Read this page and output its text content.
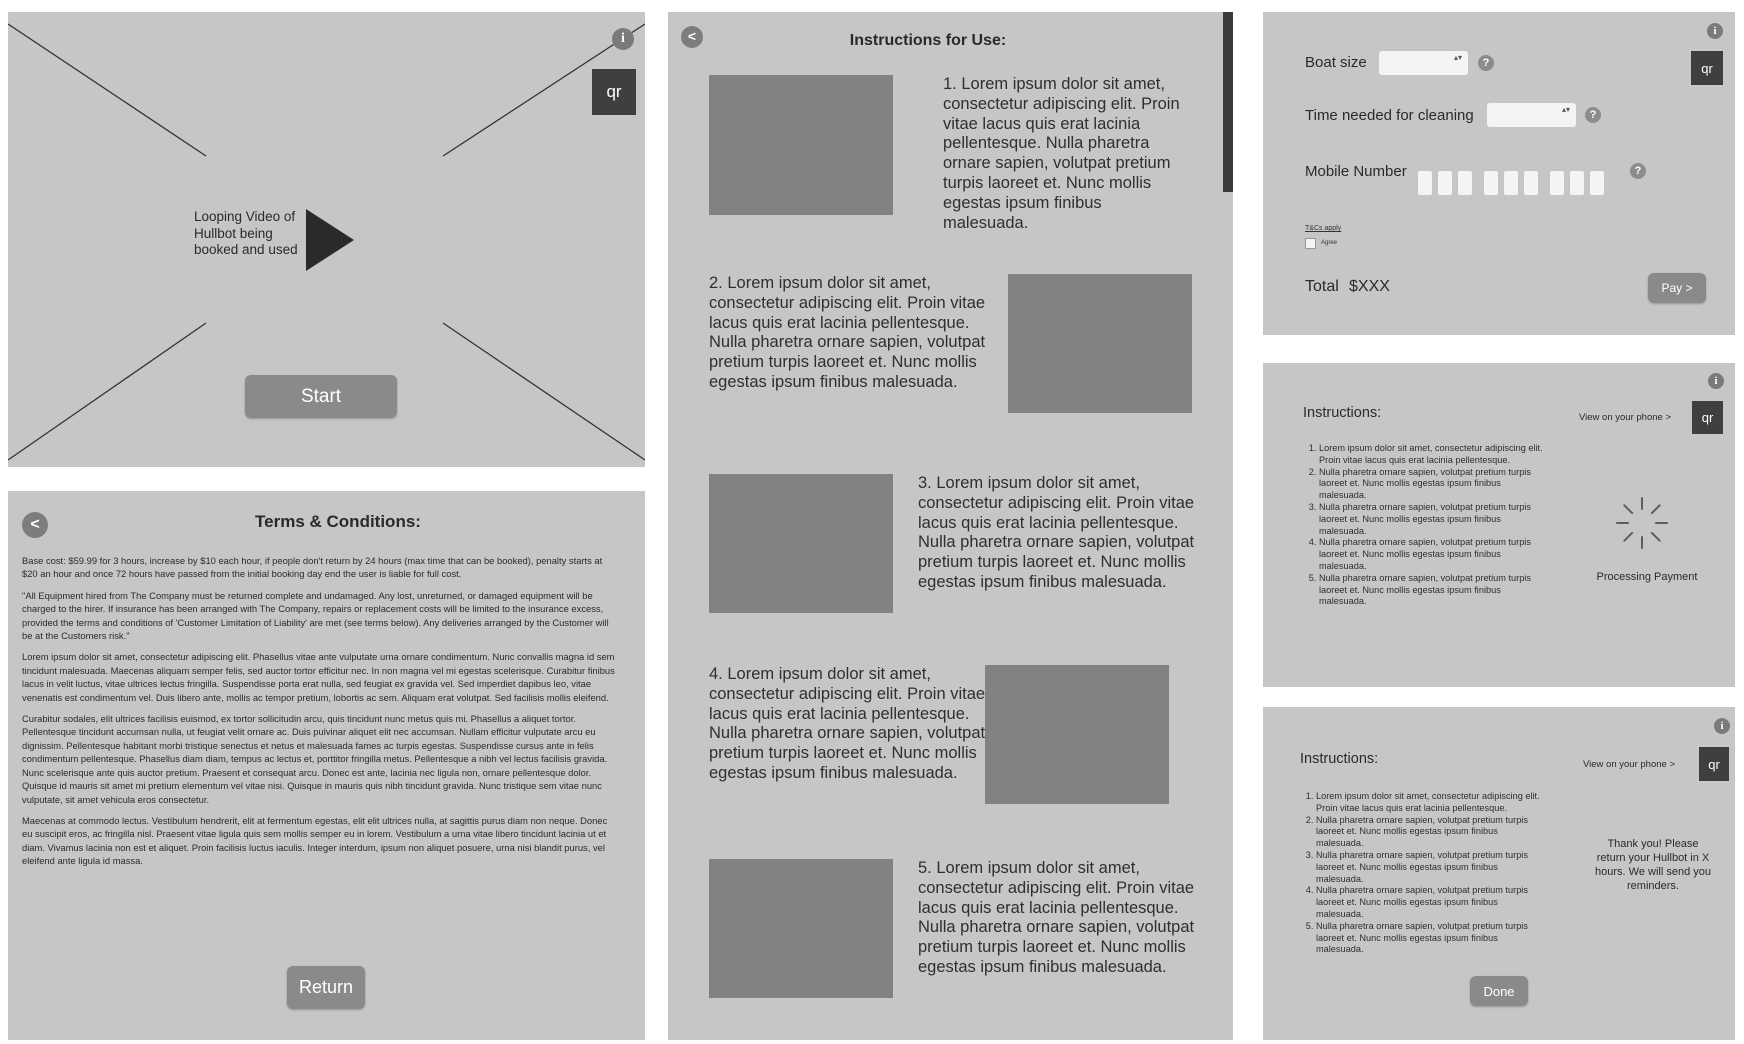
i
qr
Looping Video of Hullbot being booked and used
Start
<	Terms & Conditions:
Return

Base cost: $59.99 for 3 hours, increase by $10 each hour, if people don't return by 24 hours (max time that can be booked), penalty starts at $20 an hour and once 72 hours have passed from the initial booking day end the user is liable for full cost.

"All Equipment hired from The Company must be returned complete and undamaged. Any lost, unreturned, or damaged equipment will be charged to the hirer. If insurance has been arranged with The Company, repairs or replacement costs will be limited to the insurance excess, provided the terms and conditions of 'Customer Limitation of Liability' are met (see terms below). Any deliveries arranged by the Customer will be at the Customers risk."

Lorem ipsum dolor sit amet, consectetur adipiscing elit. Phasellus vitae ante vulputate urna ornare condimentum. Nunc convallis magna id sem tincidunt malesuada. Maecenas aliquam semper felis, sed auctor tortor efficitur nec. In non magna vel mi egestas scelerisque. Curabitur finibus lacus in velit luctus, vitae ultrices lectus fringilla. Suspendisse porta erat nulla, sed feugiat ex gravida vel. Sed imperdiet dapibus leo, vitae venenatis est condimentum vel. Duis libero ante, mollis ac tempor pretium, lobortis ac sem. Aliquam erat volutpat. Sed facilisis mollis eleifend.

Curabitur sodales, elit ultrices facilisis euismod, ex tortor sollicitudin arcu, quis tincidunt nunc metus quis mi. Phasellus a aliquet tortor. Pellentesque tincidunt accumsan nulla, ut feugiat velit ornare ac. Duis pulvinar aliquet elit nec accumsan. Nullam efficitur vulputate arcu eu dignissim. Pellentesque habitant morbi tristique senectus et netus et malesuada fames ac turpis egestas. Suspendisse cursus ante in felis condimentum pellentesque. Phasellus diam diam, tempus ac lectus et, porttitor fringilla metus. Pellentesque a nibh vel lectus facilisis gravida. Nunc scelerisque ante quis auctor pretium. Praesent et consequat arcu. Donec est ante, lacinia nec ligula non, ornare pellentesque dolor. Quisque id mauris sit amet mi pretium elementum vel vitae nisi. Quisque in mauris quis nibh tincidunt gravida. Nunc tristique sem vitae nunc vulputate, sit amet vehicula eros consectetur.

Maecenas at commodo lectus. Vestibulum hendrerit, elit at fermentum egestas, elit elit ultrices nulla, at sagittis purus diam non neque. Donec eu suscipit eros, ac fringilla nisl. Praesent vitae ligula quis sem mollis semper eu in lorem. Vestibulum a urna vitae libero tincidunt lacinia ut et diam. Vivamus lacinia non est et aliquet. Proin facilisis luctus iaculis. Integer interdum, ipsum non aliquet posuere, urna nisi blandit purus, vel eleifend ante ligula id massa.

<	Instructions for Use:
1. Lorem ipsum dolor sit amet, consectetur adipiscing elit. Proin vitae lacus quis erat lacinia pellentesque. Nulla pharetra ornare sapien, volutpat pretium turpis laoreet et. Nunc mollis egestas ipsum finibus malesuada.
2. Lorem ipsum dolor sit amet, consectetur adipiscing elit. Proin vitae lacus quis erat lacinia pellentesque. Nulla pharetra ornare sapien, volutpat pretium turpis laoreet et. Nunc mollis egestas ipsum finibus malesuada.
3. Lorem ipsum dolor sit amet, consectetur adipiscing elit. Proin vitae lacus quis erat lacinia pellentesque. Nulla pharetra ornare sapien, volutpat pretium turpis laoreet et. Nunc mollis egestas ipsum finibus malesuada.
4. Lorem ipsum dolor sit amet, consectetur adipiscing elit. Proin vitae lacus quis erat lacinia pellentesque. Nulla pharetra ornare sapien, volutpat pretium turpis laoreet et. Nunc mollis egestas ipsum finibus malesuada.
5. Lorem ipsum dolor sit amet, consectetur adipiscing elit. Proin vitae lacus quis erat lacinia pellentesque. Nulla pharetra ornare sapien, volutpat pretium turpis laoreet et. Nunc mollis egestas ipsum finibus malesuada.
i
qr
Boat size	▴▾	?
Time needed for cleaning	▴▾	?
Mobile Number	?
T&Cs apply
Agree
Total $XXX	Pay >
i
qr
Instructions:	View on your phone >
1. Lorem ipsum dolor sit amet, consectetur adipiscing elit. Proin vitae lacus quis erat lacinia pellentesque.
2. Nulla pharetra ornare sapien, volutpat pretium turpis laoreet et. Nunc mollis egestas ipsum finibus malesuada.
3. Nulla pharetra ornare sapien, volutpat pretium turpis laoreet et. Nunc mollis egestas ipsum finibus malesuada.
4. Nulla pharetra ornare sapien, volutpat pretium turpis laoreet et. Nunc mollis egestas ipsum finibus malesuada.
5. Nulla pharetra ornare sapien, volutpat pretium turpis laoreet et. Nunc mollis egestas ipsum finibus malesuada.
Processing Payment
i
qr
Instructions:	View on your phone >
1. Lorem ipsum dolor sit amet, consectetur adipiscing elit. Proin vitae lacus quis erat lacinia pellentesque.
2. Nulla pharetra ornare sapien, volutpat pretium turpis laoreet et. Nunc mollis egestas ipsum finibus malesuada.
3. Nulla pharetra ornare sapien, volutpat pretium turpis laoreet et. Nunc mollis egestas ipsum finibus malesuada.
4. Nulla pharetra ornare sapien, volutpat pretium turpis laoreet et. Nunc mollis egestas ipsum finibus malesuada.
5. Nulla pharetra ornare sapien, volutpat pretium turpis laoreet et. Nunc mollis egestas ipsum finibus malesuada.
Thank you! Please return your Hullbot in X hours. We will send you reminders.
Done
